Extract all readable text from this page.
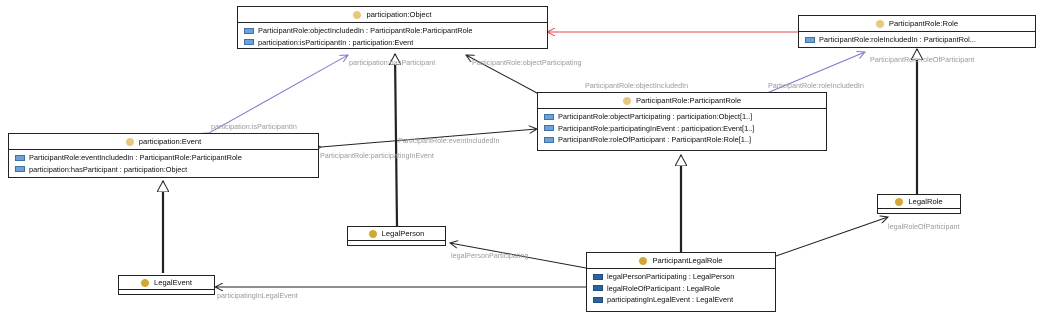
participation:hasParticipant	ParticipantRole:objectParticipating
ParticipantRole:objectIncludedIn	ParticipantRole:roleIncludedIn
ParticipantRole:roleOfParticipant
participation:isParticipantIn
ParticipantRole:eventIncludedIn
ParticipantRole:participatingInEvent
legalPersonParticipating
legalRoleOfParticipant
participatingInLegalEvent
participation:Object
ParticipantRole:objectIncludedIn : ParticipantRole:ParticipantRole
participation:isParticipantIn : participation:Event
ParticipantRole:Role
ParticipantRole:roleIncludedIn : ParticipantRol...
ParticipantRole:ParticipantRole
ParticipantRole:objectParticipating : participation:Object[1..]
ParticipantRole:participatingInEvent : participation:Event[1..]
ParticipantRole:roleOfParticipant : ParticipantRole:Role[1..]
participation:Event
ParticipantRole:eventIncludedIn : ParticipantRole:ParticipantRole
participation:hasParticipant : participation:Object
LegalRole
LegalPerson
LegalEvent
ParticipantLegalRole
legalPersonParticipating : LegalPerson
legalRoleOfParticipant : LegalRole
participatingInLegalEvent : LegalEvent
